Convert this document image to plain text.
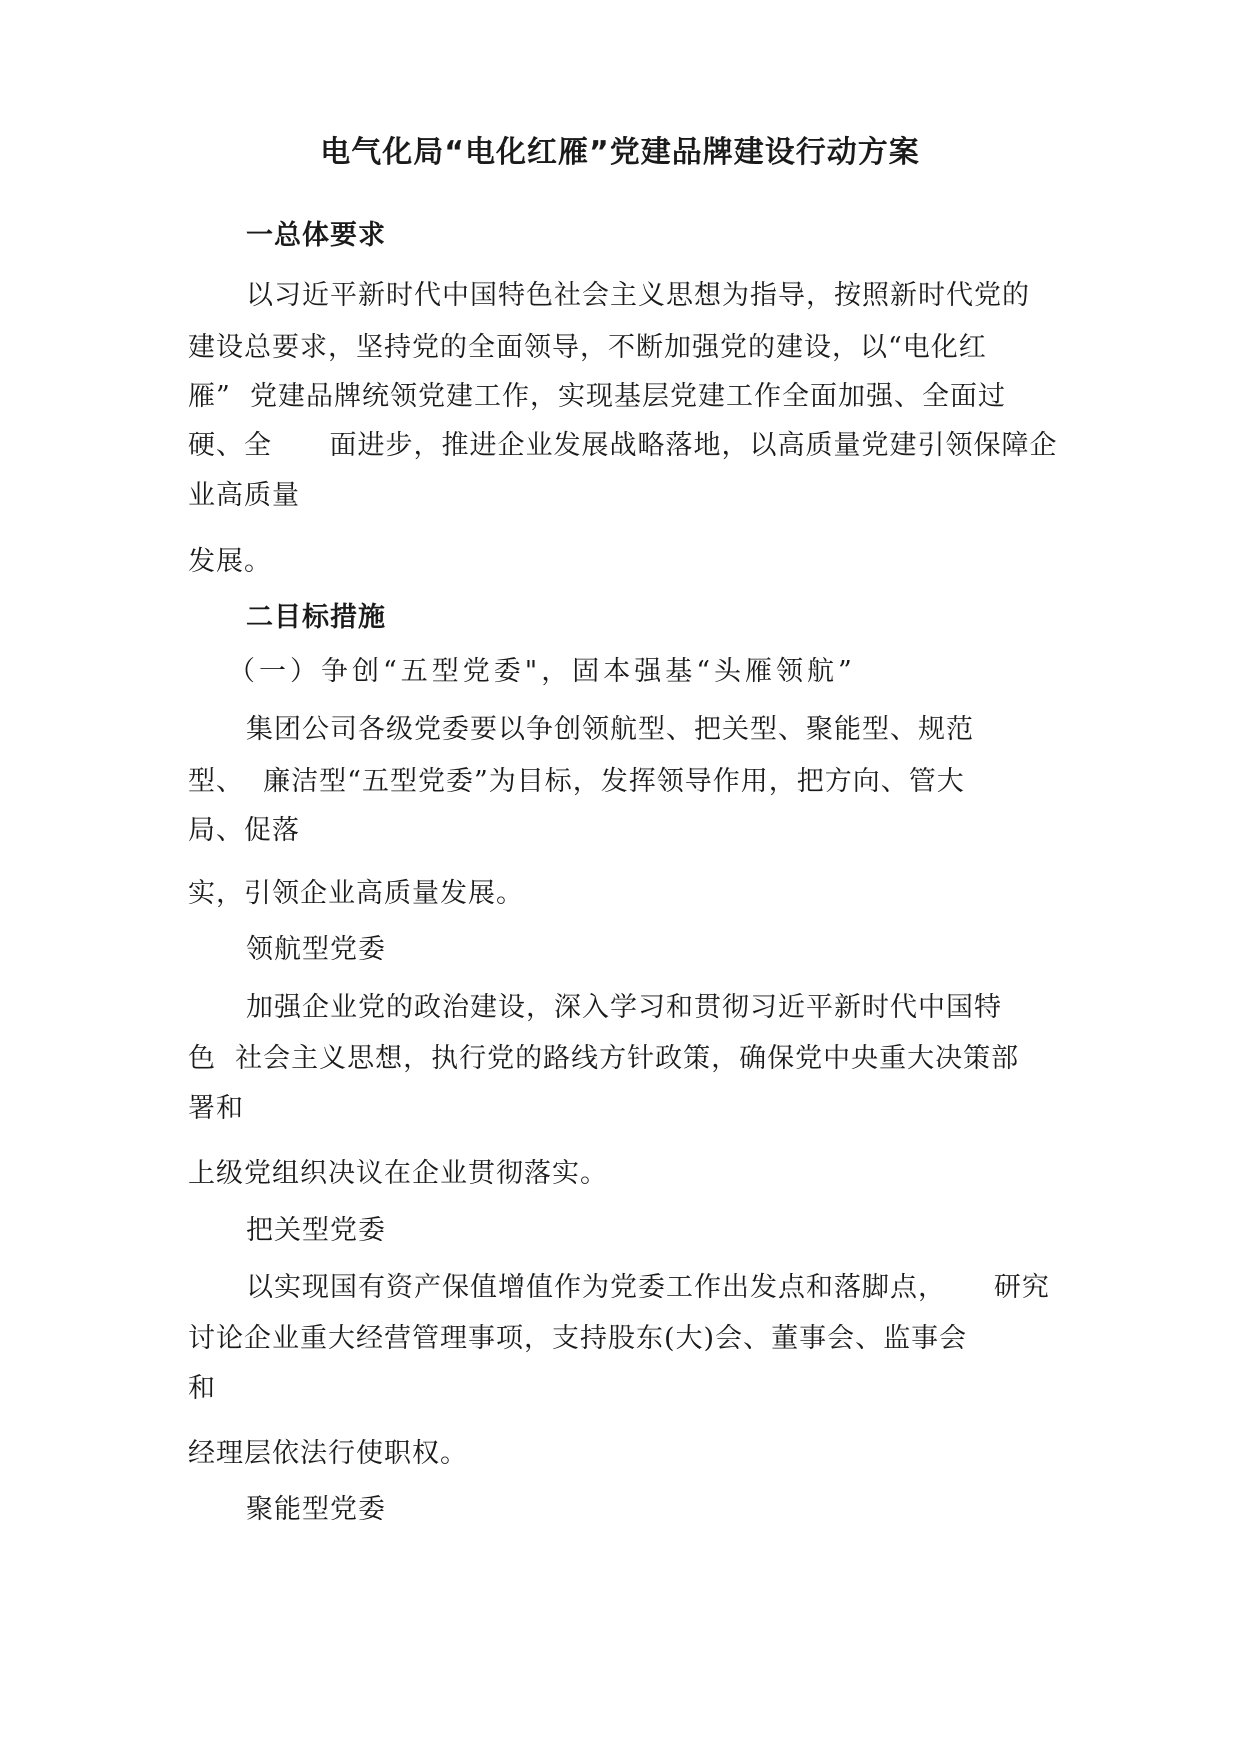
电气化局“电化红雁”党建品牌建设行动方案
一总体要求
以习近平新时代中国特色社会主义思想为指导，按照新时代党的
建设总要求，坚持党的全面领导，不断加强党的建设，以“电化红
雁”  党建品牌统领党建工作，实现基层党建工作全面加强、全面过
硬、全      面进步，推进企业发展战略落地，以高质量党建引领保障企
业高质量
发展。
二目标措施
（一）争创“五型党委"，固本强基“头雁领航”
集团公司各级党委要以争创领航型、把关型、聚能型、规范
型、  廉洁型“五型党委”为目标，发挥领导作用，把方向、管大
局、促落
实，引领企业高质量发展。
领航型党委
加强企业党的政治建设，深入学习和贯彻习近平新时代中国特
色  社会主义思想，执行党的路线方针政策，确保党中央重大决策部
署和
上级党组织决议在企业贯彻落实。
把关型党委
以实现国有资产保值增值作为党委工作出发点和落脚点，     研究
讨论企业重大经营管理事项，支持股东(大)会、董事会、监事会
和
经理层依法行使职权。
聚能型党委
